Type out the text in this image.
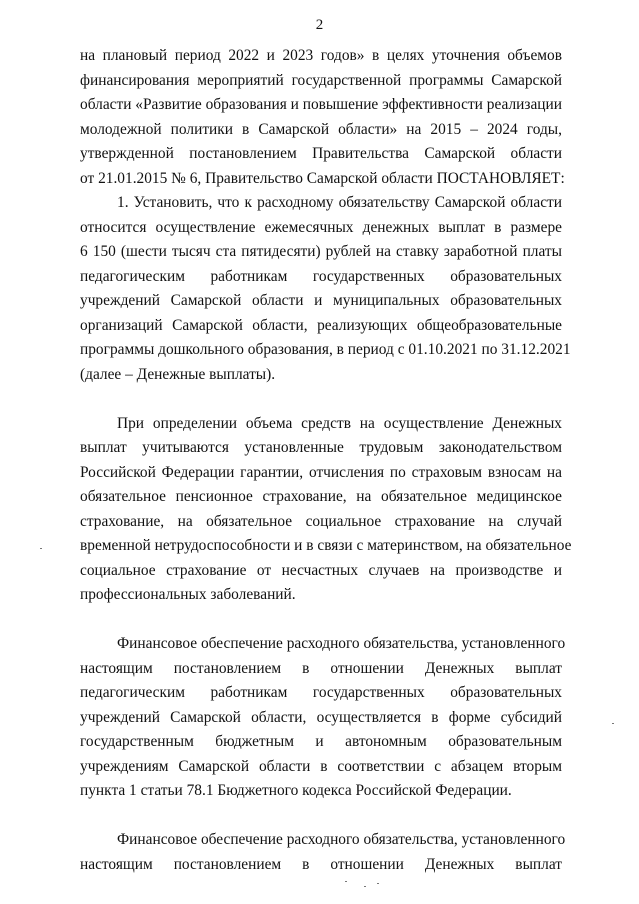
2
на плановый период 2022 и 2023 годов» в целях уточнения объемов
финансирования мероприятий государственной программы Самарской
области «Развитие образования и повышение эффективности реализации
молодежной политики в Самарской области» на 2015 – 2024 годы,
утвержденной постановлением Правительства Самарской области
от 21.01.2015 № 6, Правительство Самарской области ПОСТАНОВЛЯЕТ:
1. Установить, что к расходному обязательству Самарской области
относится осуществление ежемесячных денежных выплат в размере
6 150 (шести тысяч ста пятидесяти) рублей на ставку заработной платы
педагогическим работникам государственных образовательных
учреждений Самарской области и муниципальных образовательных
организаций Самарской области, реализующих общеобразовательные
программы дошкольного образования, в период с 01.10.2021 по 31.12.2021
(далее – Денежные выплаты).
При определении объема средств на осуществление Денежных
выплат учитываются установленные трудовым законодательством
Российской Федерации гарантии, отчисления по страховым взносам на
обязательное пенсионное страхование, на обязательное медицинское
страхование, на обязательное социальное страхование на случай
временной нетрудоспособности и в связи с материнством, на обязательное
социальное страхование от несчастных случаев на производстве и
профессиональных заболеваний.
Финансовое обеспечение расходного обязательства, установленного
настоящим постановлением в отношении Денежных выплат
педагогическим работникам государственных образовательных
учреждений Самарской области, осуществляется в форме субсидий
государственным бюджетным и автономным образовательным
учреждениям Самарской области в соответствии с абзацем вторым
пункта 1 статьи 78.1 Бюджетного кодекса Российской Федерации.
Финансовое обеспечение расходного обязательства, установленного
настоящим постановлением в отношении Денежных выплат
